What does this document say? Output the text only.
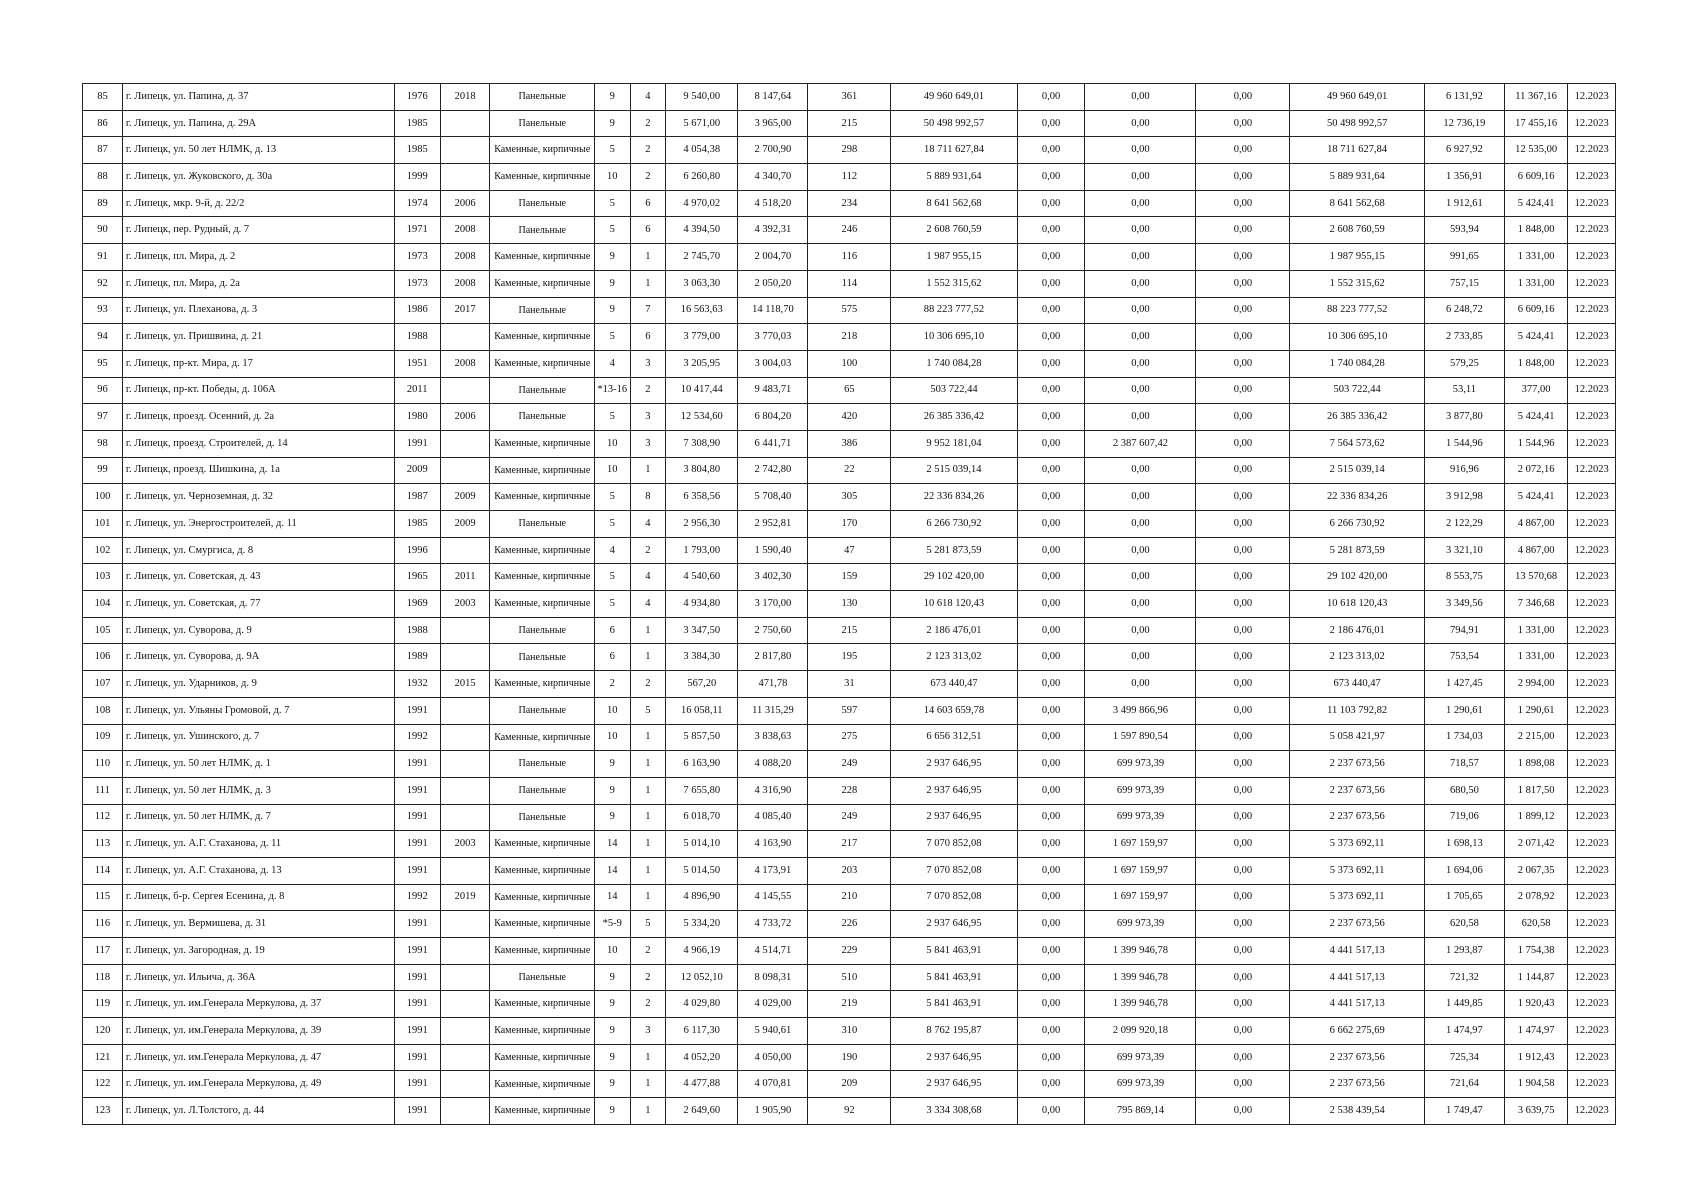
85	г. Липецк, ул. Папина, д. 37	1976	2018	Панельные	9	4	9 540,00	8 147,64	361	49 960 649,01	0,00	0,00	0,00	49 960 649,01	6 131,92	11 367,16	12.2023
86	г. Липецк, ул. Папина, д. 29А	1985		Панельные	9	2	5 671,00	3 965,00	215	50 498 992,57	0,00	0,00	0,00	50 498 992,57	12 736,19	17 455,16	12.2023
87	г. Липецк, ул. 50 лет НЛМК, д. 13	1985		Каменные, кирпичные	5	2	4 054,38	2 700,90	298	18 711 627,84	0,00	0,00	0,00	18 711 627,84	6 927,92	12 535,00	12.2023
88	г. Липецк, ул. Жуковского, д. 30а	1999		Каменные, кирпичные	10	2	6 260,80	4 340,70	112	5 889 931,64	0,00	0,00	0,00	5 889 931,64	1 356,91	6 609,16	12.2023
89	г. Липецк, мкр. 9-й, д. 22/2	1974	2006	Панельные	5	6	4 970,02	4 518,20	234	8 641 562,68	0,00	0,00	0,00	8 641 562,68	1 912,61	5 424,41	12.2023
90	г. Липецк, пер. Рудный, д. 7	1971	2008	Панельные	5	6	4 394,50	4 392,31	246	2 608 760,59	0,00	0,00	0,00	2 608 760,59	593,94	1 848,00	12.2023
91	г. Липецк, пл. Мира, д. 2	1973	2008	Каменные, кирпичные	9	1	2 745,70	2 004,70	116	1 987 955,15	0,00	0,00	0,00	1 987 955,15	991,65	1 331,00	12.2023
92	г. Липецк, пл. Мира, д. 2а	1973	2008	Каменные, кирпичные	9	1	3 063,30	2 050,20	114	1 552 315,62	0,00	0,00	0,00	1 552 315,62	757,15	1 331,00	12.2023
93	г. Липецк, ул. Плеханова, д. 3	1986	2017	Панельные	9	7	16 563,63	14 118,70	575	88 223 777,52	0,00	0,00	0,00	88 223 777,52	6 248,72	6 609,16	12.2023
94	г. Липецк, ул. Пришвина, д. 21	1988		Каменные, кирпичные	5	6	3 779,00	3 770,03	218	10 306 695,10	0,00	0,00	0,00	10 306 695,10	2 733,85	5 424,41	12.2023
95	г. Липецк, пр-кт. Мира, д. 17	1951	2008	Каменные, кирпичные	4	3	3 205,95	3 004,03	100	1 740 084,28	0,00	0,00	0,00	1 740 084,28	579,25	1 848,00	12.2023
96	г. Липецк, пр-кт. Победы, д. 106А	2011		Панельные	*13-16	2	10 417,44	9 483,71	65	503 722,44	0,00	0,00	0,00	503 722,44	53,11	377,00	12.2023
97	г. Липецк, проезд. Осенний, д. 2а	1980	2006	Панельные	5	3	12 534,60	6 804,20	420	26 385 336,42	0,00	0,00	0,00	26 385 336,42	3 877,80	5 424,41	12.2023
98	г. Липецк, проезд. Строителей, д. 14	1991		Каменные, кирпичные	10	3	7 308,90	6 441,71	386	9 952 181,04	0,00	2 387 607,42	0,00	7 564 573,62	1 544,96	1 544,96	12.2023
99	г. Липецк, проезд. Шишкина, д. 1а	2009		Каменные, кирпичные	10	1	3 804,80	2 742,80	22	2 515 039,14	0,00	0,00	0,00	2 515 039,14	916,96	2 072,16	12.2023
100	г. Липецк, ул. Черноземная, д. 32	1987	2009	Каменные, кирпичные	5	8	6 358,56	5 708,40	305	22 336 834,26	0,00	0,00	0,00	22 336 834,26	3 912,98	5 424,41	12.2023
101	г. Липецк, ул. Энергостроителей, д. 11	1985	2009	Панельные	5	4	2 956,30	2 952,81	170	6 266 730,92	0,00	0,00	0,00	6 266 730,92	2 122,29	4 867,00	12.2023
102	г. Липецк, ул. Смургиса, д. 8	1996		Каменные, кирпичные	4	2	1 793,00	1 590,40	47	5 281 873,59	0,00	0,00	0,00	5 281 873,59	3 321,10	4 867,00	12.2023
103	г. Липецк, ул. Советская, д. 43	1965	2011	Каменные, кирпичные	5	4	4 540,60	3 402,30	159	29 102 420,00	0,00	0,00	0,00	29 102 420,00	8 553,75	13 570,68	12.2023
104	г. Липецк, ул. Советская, д. 77	1969	2003	Каменные, кирпичные	5	4	4 934,80	3 170,00	130	10 618 120,43	0,00	0,00	0,00	10 618 120,43	3 349,56	7 346,68	12.2023
105	г. Липецк, ул. Суворова, д. 9	1988		Панельные	6	1	3 347,50	2 750,60	215	2 186 476,01	0,00	0,00	0,00	2 186 476,01	794,91	1 331,00	12.2023
106	г. Липецк, ул. Суворова, д. 9А	1989		Панельные	6	1	3 384,30	2 817,80	195	2 123 313,02	0,00	0,00	0,00	2 123 313,02	753,54	1 331,00	12.2023
107	г. Липецк, ул. Ударников, д. 9	1932	2015	Каменные, кирпичные	2	2	567,20	471,78	31	673 440,47	0,00	0,00	0,00	673 440,47	1 427,45	2 994,00	12.2023
108	г. Липецк, ул. Ульяны Громовой, д. 7	1991		Панельные	10	5	16 058,11	11 315,29	597	14 603 659,78	0,00	3 499 866,96	0,00	11 103 792,82	1 290,61	1 290,61	12.2023
109	г. Липецк, ул. Ушинского, д. 7	1992		Каменные, кирпичные	10	1	5 857,50	3 838,63	275	6 656 312,51	0,00	1 597 890,54	0,00	5 058 421,97	1 734,03	2 215,00	12.2023
110	г. Липецк, ул. 50 лет НЛМК, д. 1	1991		Панельные	9	1	6 163,90	4 088,20	249	2 937 646,95	0,00	699 973,39	0,00	2 237 673,56	718,57	1 898,08	12.2023
111	г. Липецк, ул. 50 лет НЛМК, д. 3	1991		Панельные	9	1	7 655,80	4 316,90	228	2 937 646,95	0,00	699 973,39	0,00	2 237 673,56	680,50	1 817,50	12.2023
112	г. Липецк, ул. 50 лет НЛМК, д. 7	1991		Панельные	9	1	6 018,70	4 085,40	249	2 937 646,95	0,00	699 973,39	0,00	2 237 673,56	719,06	1 899,12	12.2023
113	г. Липецк, ул. А.Г. Стаханова, д. 11	1991	2003	Каменные, кирпичные	14	1	5 014,10	4 163,90	217	7 070 852,08	0,00	1 697 159,97	0,00	5 373 692,11	1 698,13	2 071,42	12.2023
114	г. Липецк, ул. А.Г. Стаханова, д. 13	1991		Каменные, кирпичные	14	1	5 014,50	4 173,91	203	7 070 852,08	0,00	1 697 159,97	0,00	5 373 692,11	1 694,06	2 067,35	12.2023
115	г. Липецк, б-р. Сергея Есенина, д. 8	1992	2019	Каменные, кирпичные	14	1	4 896,90	4 145,55	210	7 070 852,08	0,00	1 697 159,97	0,00	5 373 692,11	1 705,65	2 078,92	12.2023
116	г. Липецк, ул. Вермишева, д. 31	1991		Каменные, кирпичные	*5-9	5	5 334,20	4 733,72	226	2 937 646,95	0,00	699 973,39	0,00	2 237 673,56	620,58	620,58	12.2023
117	г. Липецк, ул. Загородная, д. 19	1991		Каменные, кирпичные	10	2	4 966,19	4 514,71	229	5 841 463,91	0,00	1 399 946,78	0,00	4 441 517,13	1 293,87	1 754,38	12.2023
118	г. Липецк, ул. Ильича, д. 36А	1991		Панельные	9	2	12 052,10	8 098,31	510	5 841 463,91	0,00	1 399 946,78	0,00	4 441 517,13	721,32	1 144,87	12.2023
119	г. Липецк, ул. им.Генерала Меркулова, д. 37	1991		Каменные, кирпичные	9	2	4 029,80	4 029,00	219	5 841 463,91	0,00	1 399 946,78	0,00	4 441 517,13	1 449,85	1 920,43	12.2023
120	г. Липецк, ул. им.Генерала Меркулова, д. 39	1991		Каменные, кирпичные	9	3	6 117,30	5 940,61	310	8 762 195,87	0,00	2 099 920,18	0,00	6 662 275,69	1 474,97	1 474,97	12.2023
121	г. Липецк, ул. им.Генерала Меркулова, д. 47	1991		Каменные, кирпичные	9	1	4 052,20	4 050,00	190	2 937 646,95	0,00	699 973,39	0,00	2 237 673,56	725,34	1 912,43	12.2023
122	г. Липецк, ул. им.Генерала Меркулова, д. 49	1991		Каменные, кирпичные	9	1	4 477,88	4 070,81	209	2 937 646,95	0,00	699 973,39	0,00	2 237 673,56	721,64	1 904,58	12.2023
123	г. Липецк, ул. Л.Толстого, д. 44	1991		Каменные, кирпичные	9	1	2 649,60	1 905,90	92	3 334 308,68	0,00	795 869,14	0,00	2 538 439,54	1 749,47	3 639,75	12.2023
